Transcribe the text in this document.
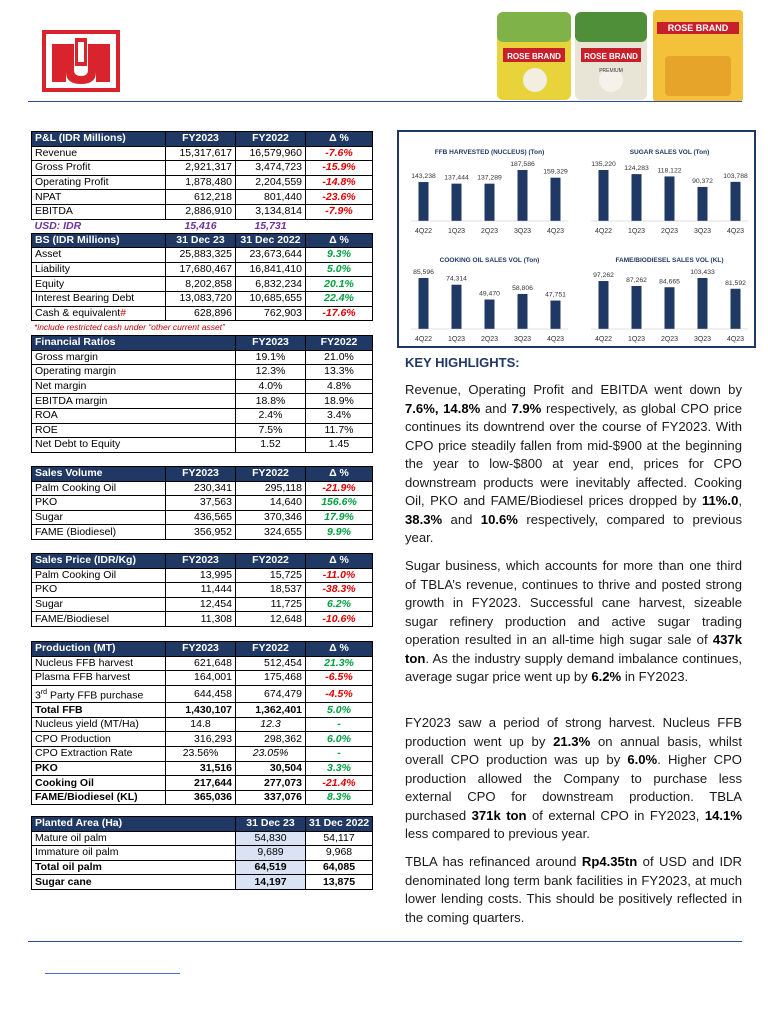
ROSE BRAND	ROSE BRAND
PREMIUM
ROSE BRAND
P&L (IDR Millions)	FY2023	FY2022	Δ %
Revenue	15,317,617	16,579,960	-7.6%
Gross Profit	2,921,317	3,474,723	-15.9%
Operating Profit	1,878,480	2,204,559	-14.8%
NPAT	612,218	801,440	-23.6%
EBITDA	2,886,910	3,134,814	-7.9%
USD: IDR	15,416	15,731	
BS (IDR Millions)	31 Dec 23	31 Dec 2022	Δ %
Asset	25,883,325	23,673,644	9.3%
Liability	17,680,467	16,841,410	5.0%
Equity	8,202,858	6,832,234	20.1%
Interest Bearing Debt	13,083,720	10,685,655	22.4%
Cash & equivalent#	628,896	762,903	-17.6%
*include restricted cash under “other current asset”
Financial Ratios	FY2023	FY2022
Gross margin	19.1%	21.0%
Operating margin	12.3%	13.3%
Net margin	4.0%	4.8%
EBITDA margin	18.8%	18.9%
ROA	2.4%	3.4%
ROE	7.5%	11.7%
Net Debt to Equity	1.52	1.45
Sales Volume	FY2023	FY2022	Δ %
Palm Cooking Oil	230,341	295,118	-21.9%
PKO	37,563	14,640	156.6%
Sugar	436,565	370,346	17.9%
FAME (Biodiesel)	356,952	324,655	9.9%
Sales Price (IDR/Kg)	FY2023	FY2022	Δ %
Palm Cooking Oil	13,995	15,725	-11.0%
PKO	11,444	18,537	-38.3%
Sugar	12,454	11,725	6.2%
FAME/Biodiesel	11,308	12,648	-10.6%
Production (MT)	FY2023	FY2022	Δ %
Nucleus FFB harvest	621,648	512,454	21.3%
Plasma FFB harvest	164,001	175,468	-6.5%
3rd Party FFB purchase	644,458	674,479	-4.5%
Total FFB	1,430,107	1,362,401	5.0%
Nucleus yield (MT/Ha)	14.8	12.3	-
CPO Production	316,293	298,362	6.0%
CPO Extraction Rate	23.56%	23.05%	-
PKO	31,516	30,504	3.3%
Cooking Oil	217,644	277,073	-21.4%
FAME/Biodiesel (KL)	365,036	337,076	8.3%
Planted Area (Ha)	31 Dec 23	31 Dec 2022
Mature oil palm	54,830	54,117
Immature oil palm	9,689	9,968
Total oil palm	64,519	64,085
Sugar cane	14,197	13,875
FFB HARVESTED (NUCLEUS) (Ton)
143,238
4Q22
137,444
1Q23
137,289
2Q23
187,586
3Q23
159,329
4Q23
SUGAR SALES VOL (Ton)
135,220
4Q22
124,283
1Q23
118,122
2Q23
90,372
3Q23
103,788
4Q23
COOKING OIL SALES VOL (Ton)
85,596
4Q22
74,314
1Q23
49,470
2Q23
58,806
3Q23
47,751
4Q23
FAME/BIODIESEL SALES VOL (KL)
97,262
4Q22
87,262
1Q23
84,665
2Q23
103,433
3Q23
81,592
4Q23
KEY HIGHLIGHTS:
Revenue, Operating Profit and EBITDA went down by 7.6%, 14.8% and 7.9% respectively, as global CPO price continues its downtrend over the course of FY2023. With CPO price steadily fallen from mid-$900 at the beginning the year to low-$800 at year end, prices for CPO downstream products were inevitably affected. Cooking Oil, PKO and FAME/Biodiesel prices dropped by 11%.0, 38.3% and 10.6% respectively, compared to previous year.
Sugar business, which accounts for more than one third of TBLA’s revenue, continues to thrive and posted strong growth in FY2023. Successful cane harvest, sizeable sugar refinery production and active sugar trading operation resulted in an all-time high sugar sale of 437k ton. As the industry supply demand imbalance continues, average sugar price went up by 6.2% in FY2023.
FY2023 saw a period of strong harvest. Nucleus FFB production went up by 21.3% on annual basis, whilst overall CPO production was up by 6.0%. Higher CPO production allowed the Company to purchase less external CPO for downstream production. TBLA purchased 371k ton of external CPO in FY2023, 14.1% less compared to previous year.
TBLA has refinanced around Rp4.35tn of USD and IDR denominated long term bank facilities in FY2023, at much lower lending costs. This should be positively reflected in the coming quarters.
